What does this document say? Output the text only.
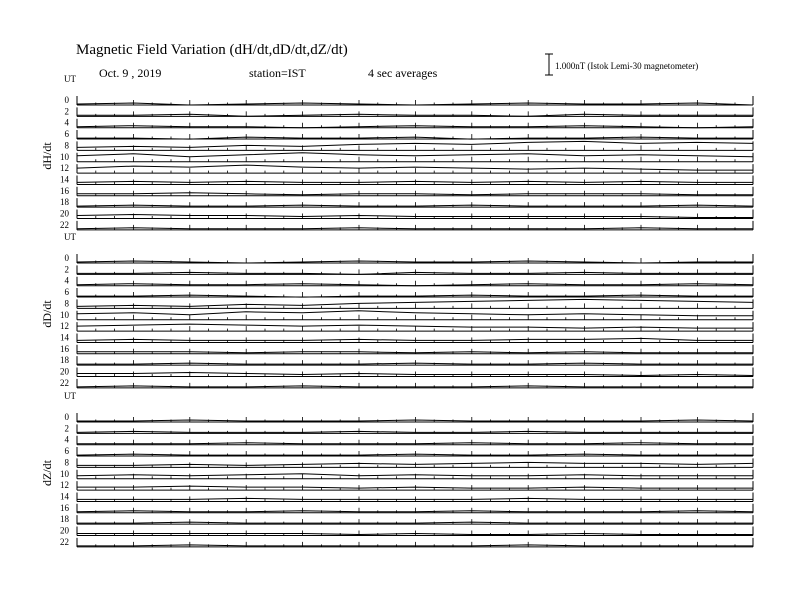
Magnetic Field Variation (dH/dt,dD/dt,dZ/dt)
Oct. 9 , 2019	station=IST	4 sec averages	1.000nT (Istok Lemi-30 magnetometer)
UT
dH/dt
0
2
4
6
8
10
12
14
16
18
20
22
UT
dD/dt
0
2
4
6
8
10
12
14
16
18
20
22
UT
dZ/dt
0
2
4
6
8
10
12
14
16
18
20
22
